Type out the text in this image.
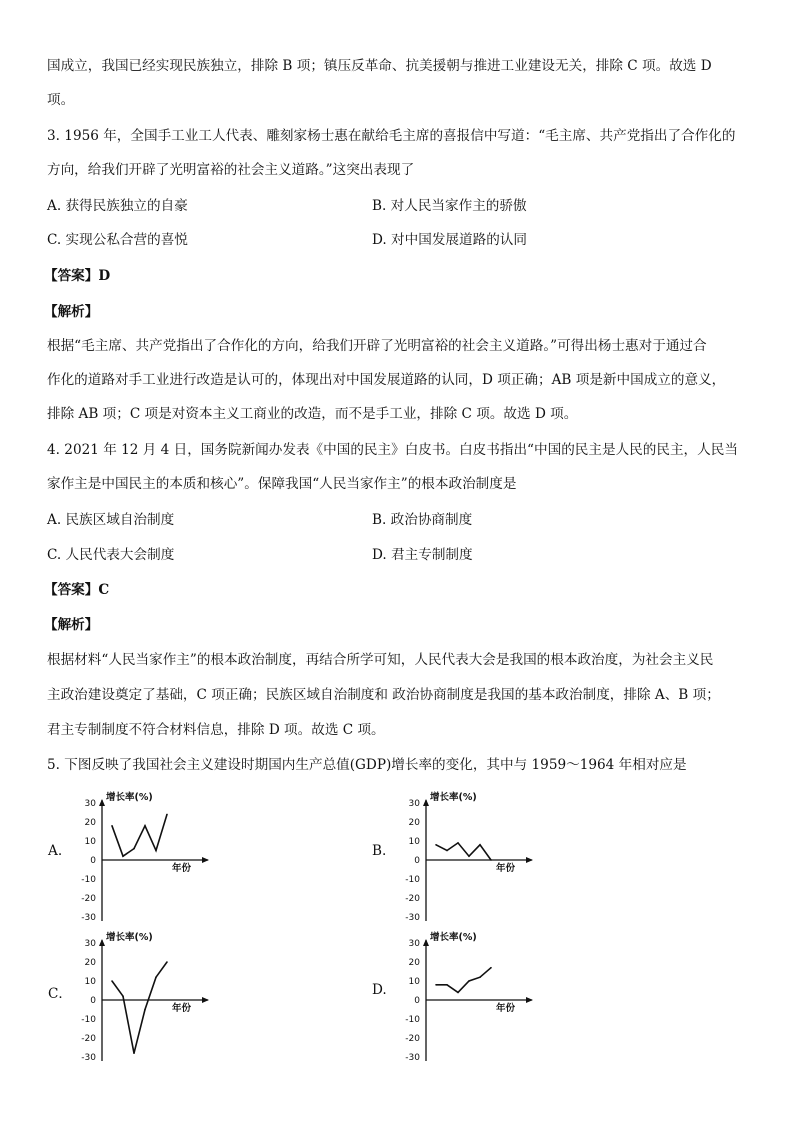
国成立，我国已经实现民族独立，排除 B 项；镇压反革命、抗美援朝与推进工业建设无关，排除 C 项。故选 D
项。
3. 1956 年，全国手工业工人代表、雕刻家杨士惠在献给毛主席的喜报信中写道：“毛主席、共产党指出了合作化的
方向，给我们开辟了光明富裕的社会主义道路。”这突出表现了
A. 获得民族独立的自豪	B. 对人民当家作主的骄傲
C. 实现公私合营的喜悦	D. 对中国发展道路的认同
【答案】D
【解析】
根据“毛主席、共产党指出了合作化的方向，给我们开辟了光明富裕的社会主义道路。”可得出杨士惠对于通过合
作化的道路对手工业进行改造是认可的，体现出对中国发展道路的认同，D 项正确；AB 项是新中国成立的意义，
排除 AB 项；C 项是对资本主义工商业的改造，而不是手工业，排除 C 项。故选 D 项。
4. 2021 年 12 月 4 日，国务院新闻办发表《中国的民主》白皮书。白皮书指出“中国的民主是人民的民主，人民当
家作主是中国民主的本质和核心”。保障我国“人民当家作主”的根本政治制度是
A. 民族区域自治制度	B. 政治协商制度
C. 人民代表大会制度	D. 君主专制制度
【答案】C
【解析】
根据材料“人民当家作主”的根本政治制度，再结合所学可知，人民代表大会是我国的根本政治度，为社会主义民
主政治建设奠定了基础，C 项正确；民族区域自治制度和 政治协商制度是我国的基本政治制度，排除 A、B 项；
君主专制制度不符合材料信息，排除 D 项。故选 C 项。
5. 下图反映了我国社会主义建设时期国内生产总值(GDP)增长率的变化，其中与 1959～1964 年相对应是
A.	B.
C．	D.
增长率(%)
年份
30
20
10
0
-10
-20
-30
增长率(%)
年份
30
20
10
0
-10
-20
-30
增长率(%)
年份
30
20
10
0
-10
-20
-30
增长率(%)
年份
30
20
10
0
-10
-20
-30
